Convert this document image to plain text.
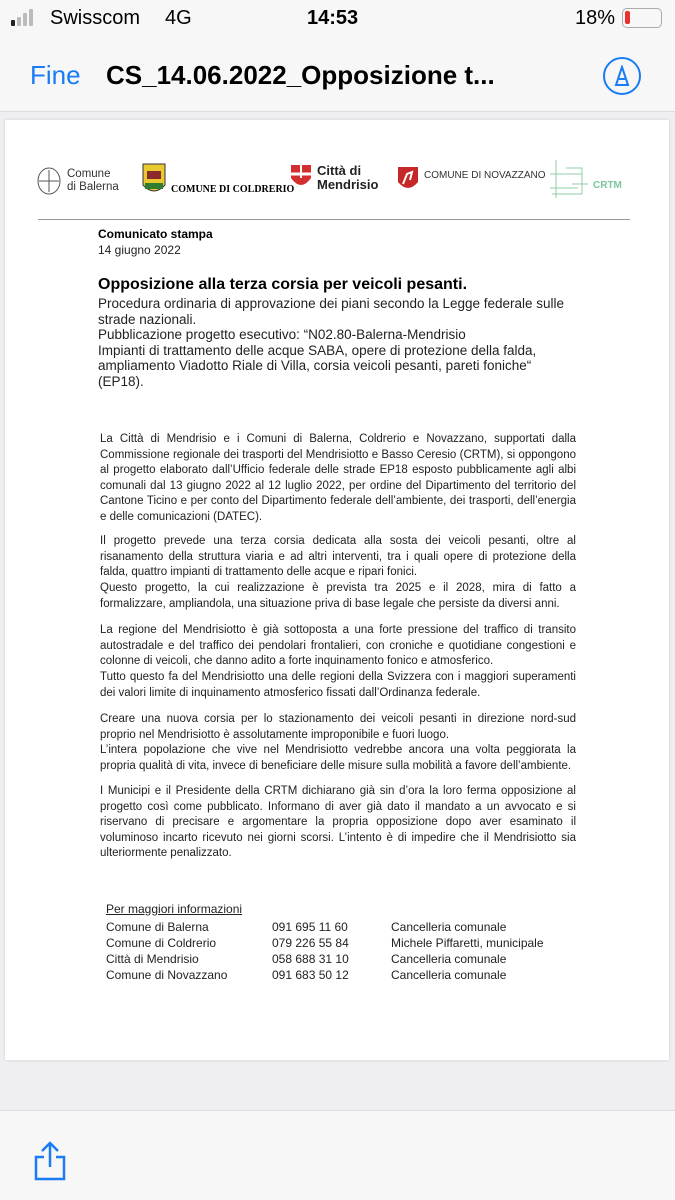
Swisscom 4G	14:53	18%
Fine CS_14.06.2022_Opposizione t...
Comune
di Balerna	COMUNE DI COLDRERIO
Città di
Mendrisio
COMUNE DI NOVAZZANO
CRTM
Comunicato stampa
14 giugno 2022
Opposizione alla terza corsia per veicoli pesanti.
Procedura ordinaria di approvazione dei piani secondo la Legge federale sulle strade nazionali.
Pubblicazione progetto esecutivo: “N02.80-Balerna-Mendrisio
Impianti di trattamento delle acque SABA, opere di protezione della falda, ampliamento Viadotto Riale di Villa, corsia veicoli pesanti, pareti foniche“ (EP18).
La Città di Mendrisio e i Comuni di Balerna, Coldrerio e Novazzano, supportati dalla Commissione regionale dei trasporti del Mendrisiotto e Basso Ceresio (CRTM), si oppongono al progetto elaborato dall’Ufficio federale delle strade EP18 esposto pubblicamente agli albi comunali dal 13 giugno 2022 al 12 luglio 2022, per ordine del Dipartimento del territorio del Cantone Ticino e per conto del Dipartimento federale dell’ambiente, dei trasporti, dell’energia e delle comunicazioni (DATEC).
Il progetto prevede una terza corsia dedicata alla sosta dei veicoli pesanti, oltre al risanamento della struttura viaria e ad altri interventi, tra i quali opere di protezione della falda, quattro impianti di trattamento delle acque e ripari fonici.
Questo progetto, la cui realizzazione è prevista tra 2025 e il 2028, mira di fatto a formalizzare, ampliandola, una situazione priva di base legale che persiste da diversi anni.
La regione del Mendrisiotto è già sottoposta a una forte pressione del traffico di transito autostradale e del traffico dei pendolari frontalieri, con croniche e quotidiane congestioni e colonne di veicoli, che danno adito a forte inquinamento fonico e atmosferico.
Tutto questo fa del Mendrisiotto una delle regioni della Svizzera con i maggiori superamenti dei valori limite di inquinamento atmosferico fissati dall’Ordinanza federale.
Creare una nuova corsia per lo stazionamento dei veicoli pesanti in direzione nord-sud proprio nel Mendrisiotto è assolutamente improponibile e fuori luogo.
L’intera popolazione che vive nel Mendrisiotto vedrebbe ancora una volta peggiorata la propria qualità di vita, invece di beneficiare delle misure sulla mobilità a favore dell’ambiente.
I Municipi e il Presidente della CRTM dichiarano già sin d’ora la loro ferma opposizione al progetto così come pubblicato. Informano di aver già dato il mandato a un avvocato e si riservano di precisare e argomentare la propria opposizione dopo aver esaminato il voluminoso incarto ricevuto nei giorni scorsi. L’intento è di impedire che il Mendrisiotto sia ulteriormente penalizzato.
Per maggiori informazioni
Comune di Balerna	091 695 11 60	Cancelleria comunale
Comune di Coldrerio	079 226 55 84	Michele Piffaretti, municipale
Città di Mendrisio	058 688 31 10	Cancelleria comunale
Comune di Novazzano	091 683 50 12	Cancelleria comunale
